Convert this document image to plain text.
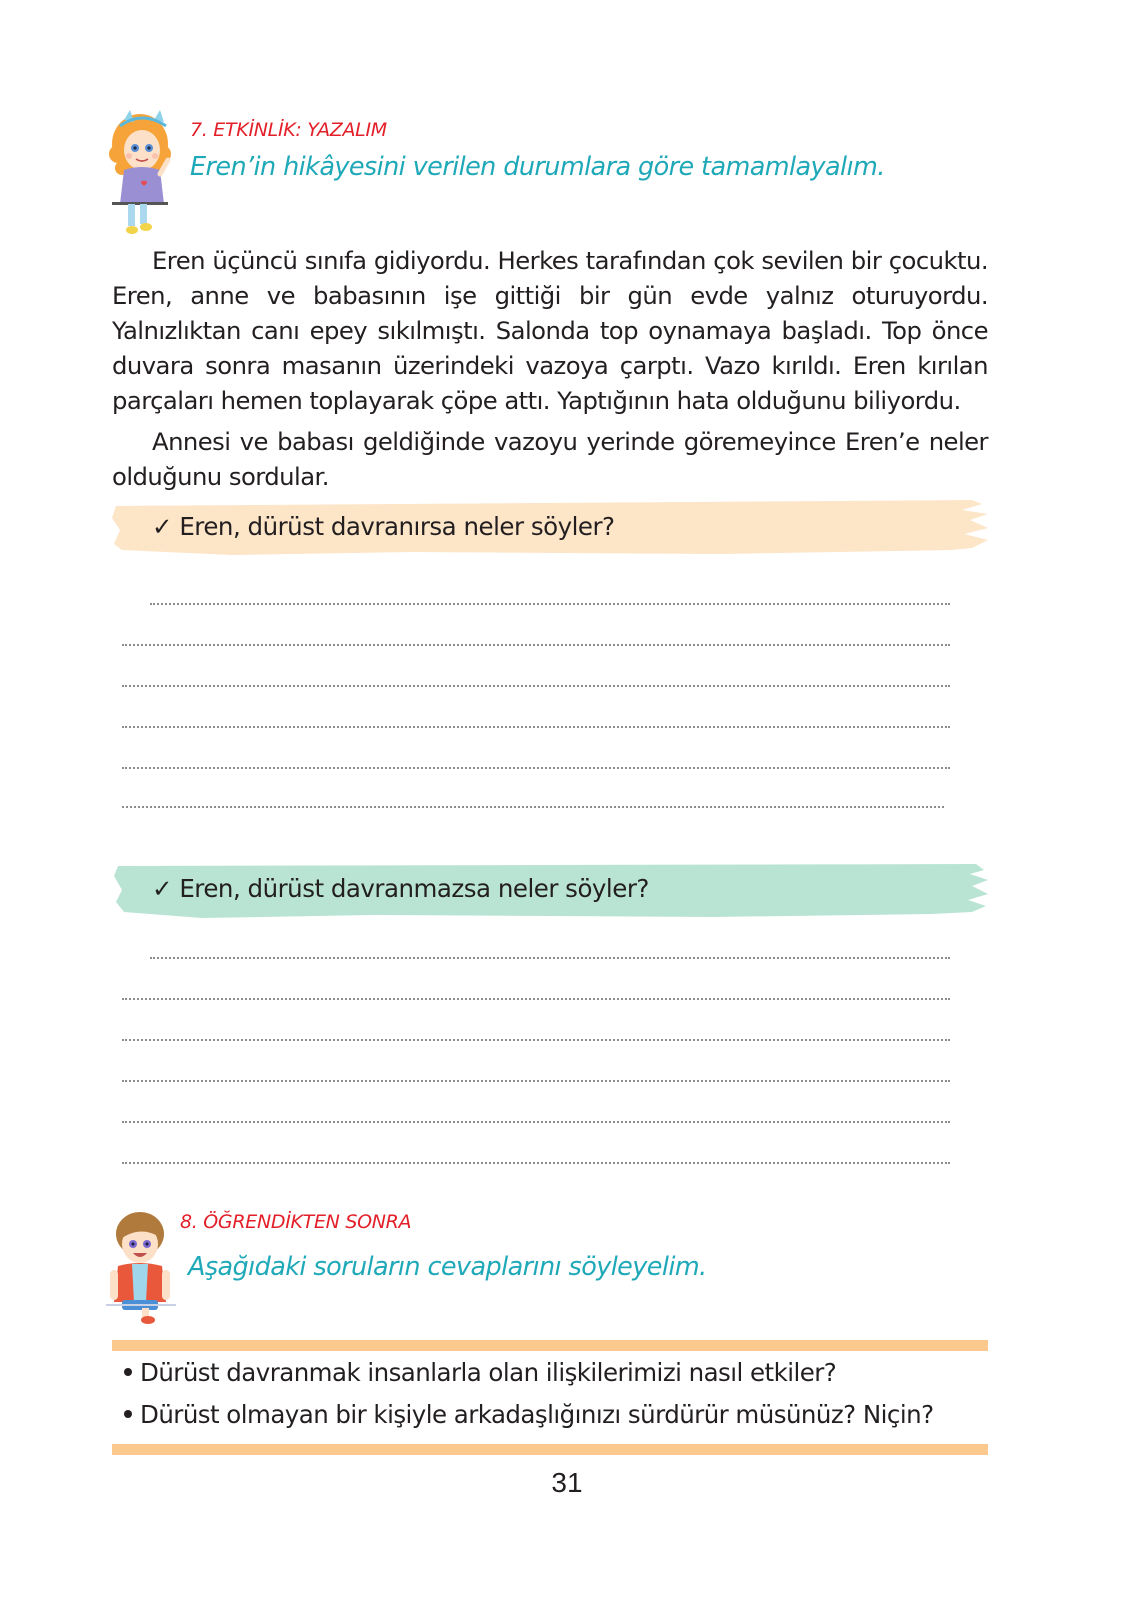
7. ETKİNLİK: YAZALIM
Eren’in hikâyesini verilen durumlara göre tamamlayalım.

Eren üçüncü sınıfa gidiyordu. Herkes tarafından çok sevilen bir çocuktu. Eren, anne ve babasının işe gittiği bir gün evde yalnız oturuyordu. Yalnızlıktan canı epey sıkılmıştı. Salonda top oynamaya başladı. Top önce duvara sonra masanın üzerindeki vazoya çarptı. Vazo kırıldı. Eren kırılan parçaları hemen toplayarak çöpe attı. Yaptığının hata olduğunu biliyordu.

Annesi ve babası geldiğinde vazoyu yerinde göremeyince Eren’e neler olduğunu sordular.

✓ Eren, dürüst davranırsa neler söyler?
✓ Eren, dürüst davranmazsa neler söyler?
8. ÖĞRENDİKTEN SONRA
Aşağıdaki soruların cevaplarını söyleyelim.
Dürüst davranmak insanlarla olan ilişkilerimizi nasıl etkiler?
Dürüst olmayan bir kişiyle arkadaşlığınızı sürdürür müsünüz? Niçin?
31
